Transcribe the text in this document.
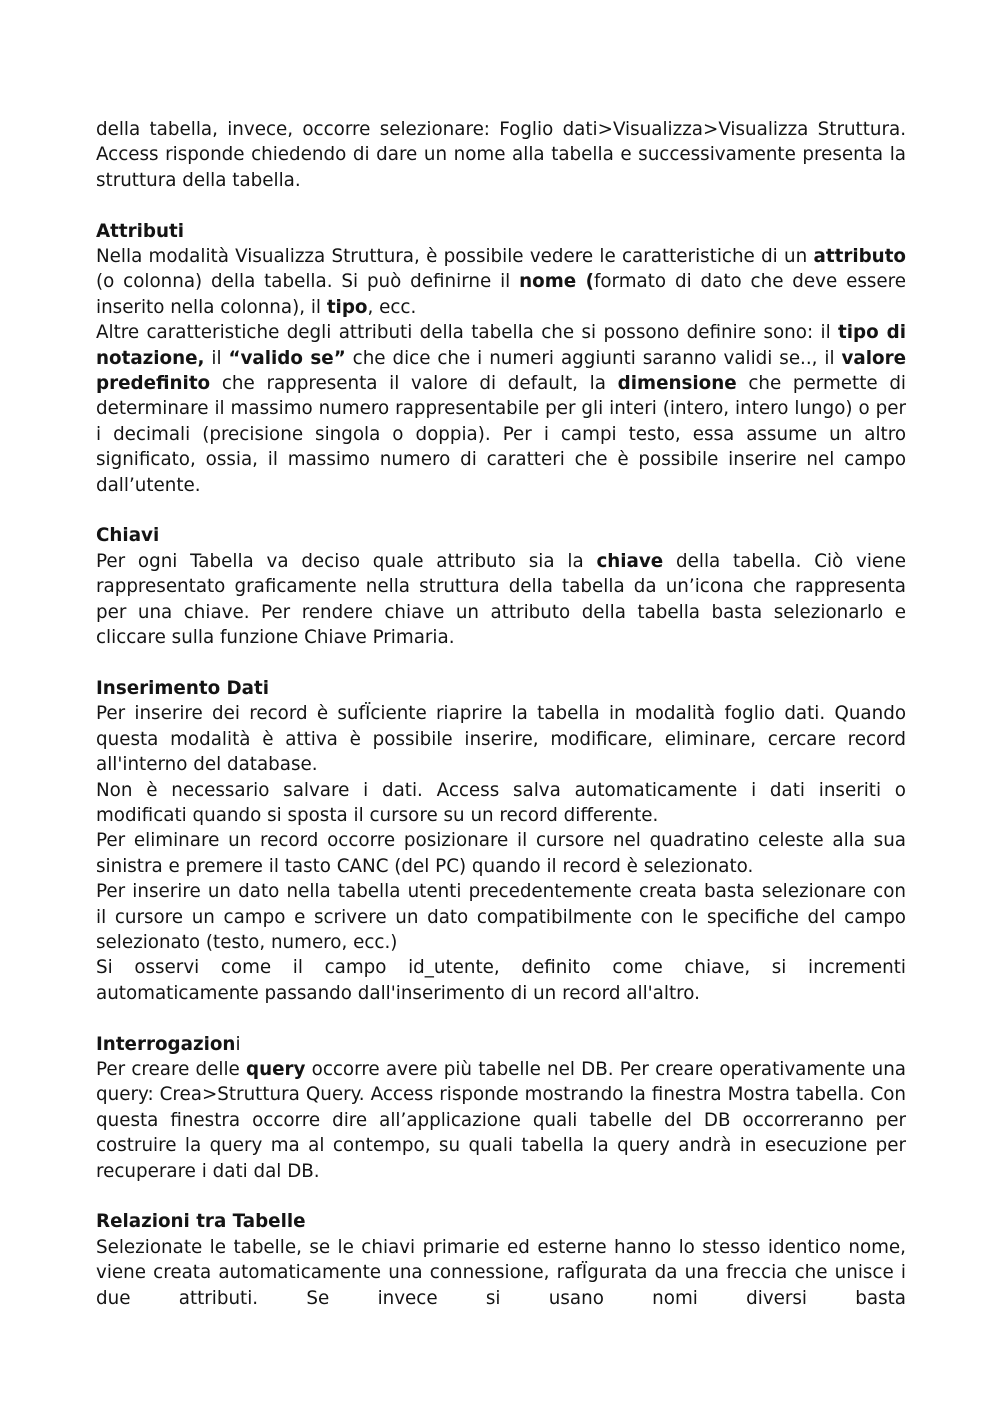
della tabella, invece, occorre selezionare: Foglio dati>Visualizza>Visualizza Struttura. Access risponde chiedendo di dare un nome alla tabella e successivamente presenta la struttura della tabella.

Attributi

Nella modalità Visualizza Struttura, è possibile vedere le caratteristiche di un attributo (o colonna) della tabella. Si può definirne il nome (formato di dato che deve essere inserito nella colonna), il tipo, ecc.

Altre caratteristiche degli attributi della tabella che si possono definire sono: il tipo di notazione, il “valido se” che dice che i numeri aggiunti saranno validi se.., il valore predefinito che rappresenta il valore di default, la dimensione che permette di determinare il massimo numero rappresentabile per gli interi (intero, intero lungo) o per i decimali (precisione singola o doppia). Per i campi testo, essa assume un altro significato, ossia, il massimo numero di caratteri che è possibile inserire nel campo dall’utente.

Chiavi

Per ogni Tabella va deciso quale attributo sia la chiave della tabella. Ciò viene rappresentato graficamente nella struttura della tabella da un’icona che rappresenta per una chiave. Per rendere chiave un attributo della tabella basta selezionarlo e cliccare sulla funzione Chiave Primaria.

Inserimento Dati

Per inserire dei record è sufÏciente riaprire la tabella in modalità foglio dati. Quando questa modalità è attiva è possibile inserire, modificare, eliminare, cercare record all'interno del database.

Non è necessario salvare i dati. Access salva automaticamente i dati inseriti o modificati quando si sposta il cursore su un record differente.

Per eliminare un record occorre posizionare il cursore nel quadratino celeste alla sua sinistra e premere il tasto CANC (del PC) quando il record è selezionato.

Per inserire un dato nella tabella utenti precedentemente creata basta selezionare con il cursore un campo e scrivere un dato compatibilmente con le specifiche del campo selezionato (testo, numero, ecc.)

Si osservi come il campo id_utente, definito come chiave, si incrementi automaticamente passando dall'inserimento di un record all'altro.

Interrogazioni

Per creare delle query occorre avere più tabelle nel DB. Per creare operativamente una query: Crea>Struttura Query. Access risponde mostrando la finestra Mostra tabella. Con questa finestra occorre dire all’applicazione quali tabelle del DB occorreranno per costruire la query ma al contempo, su quali tabella la query andrà in esecuzione per recuperare i dati dal DB.

Relazioni tra Tabelle

Selezionate le tabelle, se le chiavi primarie ed esterne hanno lo stesso identico nome, viene creata automaticamente una connessione, rafÏgurata da una freccia che unisce i due attributi. Se invece si usano nomi diversi basta
